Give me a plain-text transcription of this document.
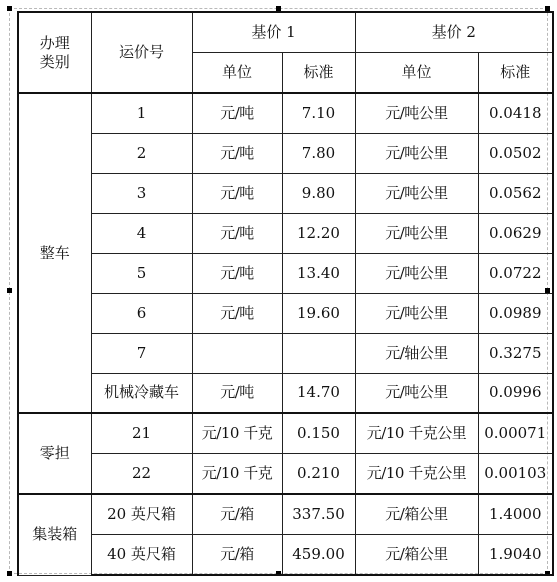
办理
类别	运价号	基价 1		基价 2	
		单位	标准	单位	标准
整车	1	元/吨	7.10	元/吨公里	0.0418
	2	元/吨	7.80	元/吨公里	0.0502
	3	元/吨	9.80	元/吨公里	0.0562
	4	元/吨	12.20	元/吨公里	0.0629
	5	元/吨	13.40	元/吨公里	0.0722
	6	元/吨	19.60	元/吨公里	0.0989
	7			元/轴公里	0.3275
	机械冷藏车	元/吨	14.70	元/吨公里	0.0996
零担	21	元/10 千克	0.150	元/10 千克公里	0.00071
	22	元/10 千克	0.210	元/10 千克公里	0.00103
集装箱	20 英尺箱	元/箱	337.50	元/箱公里	1.4000
	40 英尺箱	元/箱	459.00	元/箱公里	1.9040
